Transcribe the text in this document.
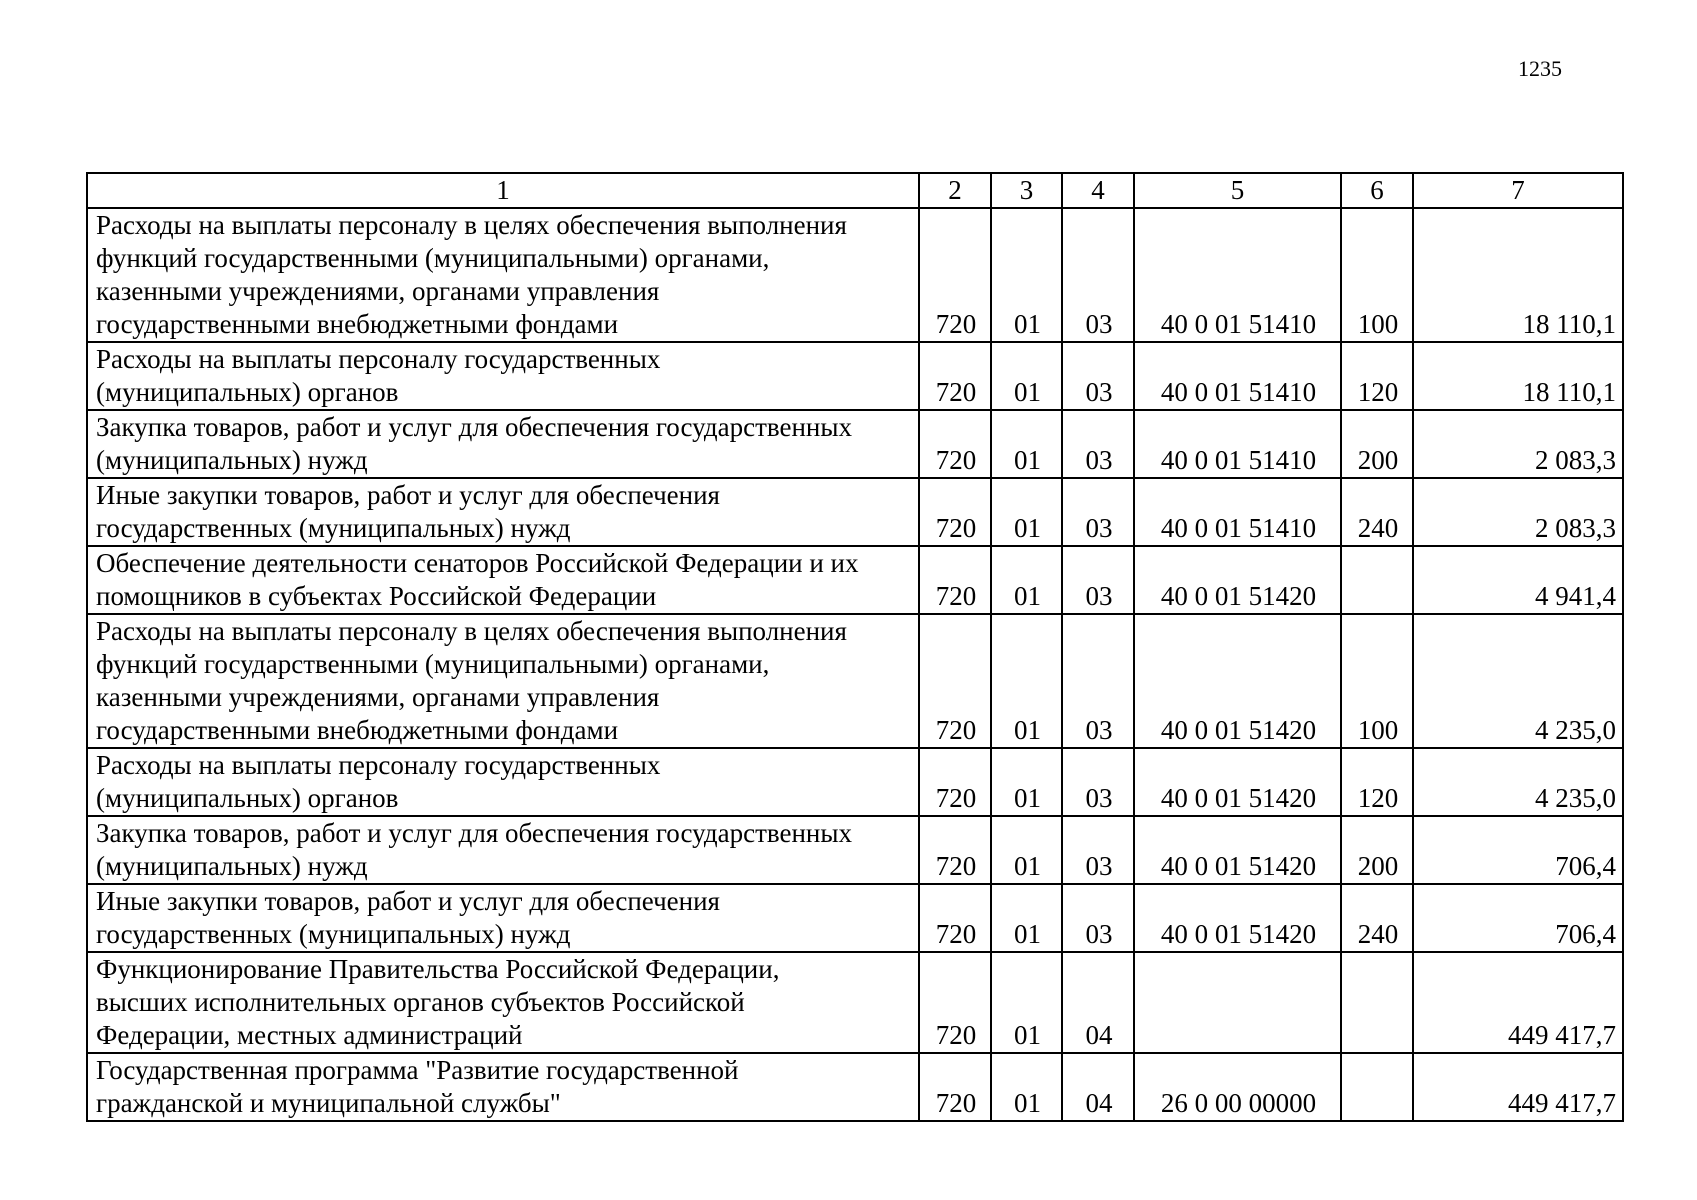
1235
1	2	3	4	5	6	7

Расходы на выплаты персоналу в целях обеспечения выполнения
функций государственными (муниципальными) органами,
казенными учреждениями, органами управления
государственными внебюджетными фондами	720	01	03	40 0 01 51410	100	18 110,1

Расходы на выплаты персоналу государственных
(муниципальных) органов	720	01	03	40 0 01 51410	120	18 110,1

Закупка товаров, работ и услуг для обеспечения государственных
(муниципальных) нужд	720	01	03	40 0 01 51410	200	2 083,3

Иные закупки товаров, работ и услуг для обеспечения
государственных (муниципальных) нужд	720	01	03	40 0 01 51410	240	2 083,3

Обеспечение деятельности сенаторов Российской Федерации и их
помощников в субъектах Российской Федерации	720	01	03	40 0 01 51420		4 941,4

Расходы на выплаты персоналу в целях обеспечения выполнения
функций государственными (муниципальными) органами,
казенными учреждениями, органами управления
государственными внебюджетными фондами	720	01	03	40 0 01 51420	100	4 235,0

Расходы на выплаты персоналу государственных
(муниципальных) органов	720	01	03	40 0 01 51420	120	4 235,0

Закупка товаров, работ и услуг для обеспечения государственных
(муниципальных) нужд	720	01	03	40 0 01 51420	200	706,4

Иные закупки товаров, работ и услуг для обеспечения
государственных (муниципальных) нужд	720	01	03	40 0 01 51420	240	706,4

Функционирование Правительства Российской Федерации,
высших исполнительных органов субъектов Российской
Федерации, местных администраций	720	01	04			449 417,7

Государственная программа "Развитие государственной
гражданской и муниципальной службы"	720	01	04	26 0 00 00000		449 417,7
